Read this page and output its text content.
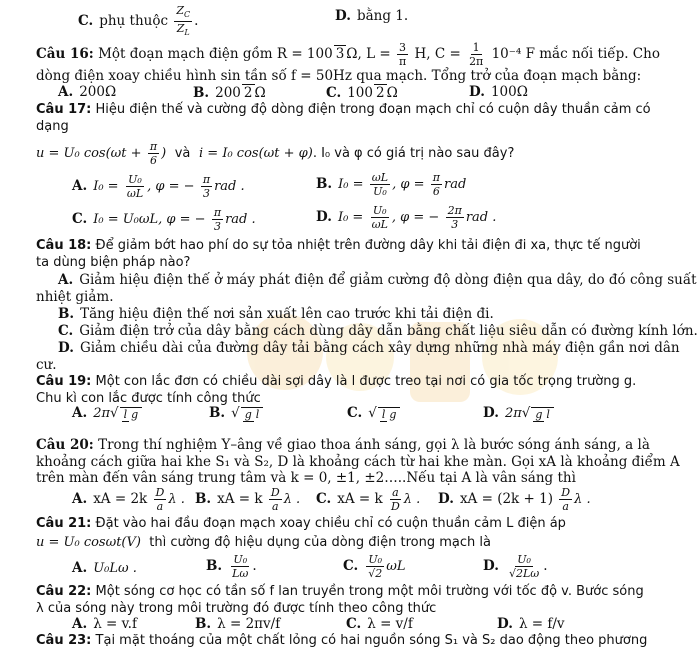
C. phụ thuộc $\frac{Z_C}{Z_L}$ .	D. bằng 1.
Câu 16: Một đoạn mạch điện gồm R = 100 3 Ω, $L = \frac{3}{\pi} H$, $C = \frac{1}{2\pi} 10^{-4}$ F mắc nối tiếp. Cho
dòng điện xoay chiều hình sin tần số f = 50Hz qua mạch. Tổng trở của đoạn mạch bằng:
A. 200Ω	B. 200 2 Ω	C. 100 2 Ω	D. 100Ω
Câu 17: Hiệu điện thế và cường độ dòng điện trong đoạn mạch chỉ có cuộn dây thuần cảm có
dạng
u = U₀ $\cos(\omega t + \frac{\pi}{6}$ ) và i = I₀ cos(ωt + φ). I₀ và φ có giá trị nào sau đây?
A. $I_0 = \frac{\text{U₀}}{\omega L}$ , φ = − $\frac{\pi}{3}$ rad .	B. $I_0 = \frac{\omega L}{\text{U₀}}$ , $\varphi = \frac{\pi}{6}$ rad
C. I₀ = U₀ωL, φ = − $\frac{\pi}{3}$ rad .	D. $I_0 = \frac{\text{U₀}}{\omega L}$ , φ = − $\frac{2\pi}{3}$ rad .
Câu 18: Để giảm bớt hao phí do sự tỏa nhiệt trên đường dây khi tải điện đi xa, thực tế người
ta dùng biện pháp nào?
A. Giảm hiệu điện thế ở máy phát điện để giảm cường độ dòng điện qua dây, do đó công suất
nhiệt giảm.
B. Tăng hiệu điện thế nơi sản xuất lên cao trước khi tải điện đi.
C. Giảm điện trở của dây bằng cách dùng dây dẫn bằng chất liệu siêu dẫn có đường kính lớn.
D. Giảm chiều dài của đường dây tải bằng cách xây dựng những nhà máy điện gần nơi dân
cư.
Câu 19: Một con lắc đơn có chiều dài sợi dây là l được treo tại nơi có gia tốc trọng trường g.
Chu kì con lắc được tính công thức
A. 2π√ l g	B. √ g l	C. √ l g	D. 2π√ g l
Câu 20: Trong thí nghiệm Y–âng về giao thoa ánh sáng, gọi λ là bước sóng ánh sáng, a là
khoảng cách giữa hai khe S₁ và S₂, D là khoảng cách từ hai khe màn. Gọi xA là khoảng điểm A
trên màn đến vân sáng trung tâm và k = 0, ±1, ±2…..Nếu tại A là vân sáng thì
A. xA = $2k \frac{D}{a}$ λ . B. xA = k $\frac{D}{a}$ λ . C. xA = k $\frac{a}{D}$ λ . D. xA = $(2k + 1) \frac{D}{a}$ λ .
Câu 21: Đặt vào hai đầu đoạn mạch xoay chiều chỉ có cuộn thuần cảm L điện áp
u = U₀ cosωt(V) thì cường độ hiệu dụng của dòng điện trong mạch là
A. U₀Lω .	B. $\frac{\text{U₀}}{L\omega}$ .	C. $\frac{\text{U₀}}{√2}$ ωL	D. $\frac{\text{U₀}}{√2L\omega}$ .
Câu 22: Một sóng cơ học có tần số f lan truyền trong một môi trường với tốc độ v. Bước sóng
λ của sóng này trong môi trường đó được tính theo công thức
A. λ = v.f	B. λ = 2πv/f	C. λ = v/f	D. λ = f/v
Câu 23: Tại mặt thoáng của một chất lỏng có hai nguồn sóng S₁ và S₂ dao động theo phương
